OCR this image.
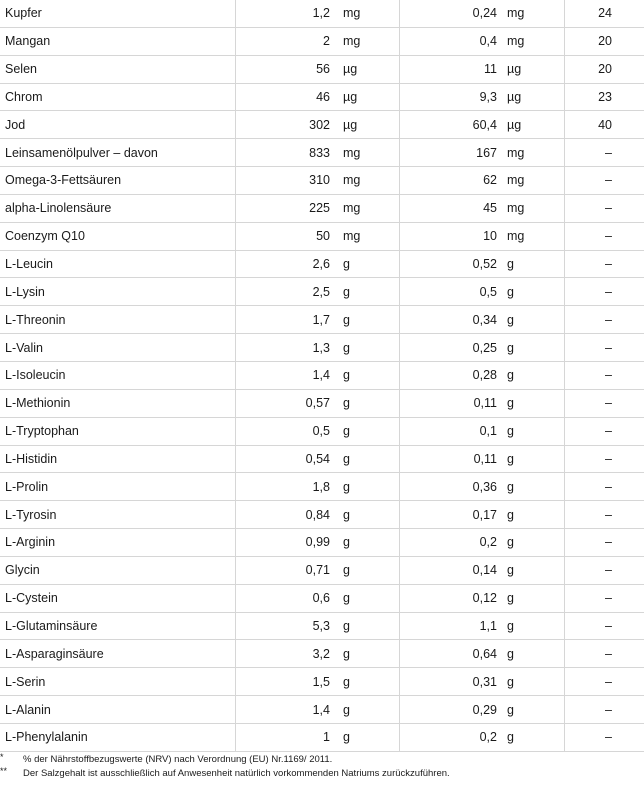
Kupfer	1,2 mg	0,24 mg	24
Mangan	2 mg	0,4 mg	20
Selen	56 µg	11 µg	20
Chrom	46 µg	9,3 µg	23
Jod	302 µg	60,4 µg	40
Leinsamenölpulver – davon	833 mg	167 mg	–
Omega-3-Fettsäuren	310 mg	62 mg	–
alpha-Linolensäure	225 mg	45 mg	–
Coenzym Q10	50 mg	10 mg	–
L-Leucin	2,6 g	0,52 g	–
L-Lysin	2,5 g	0,5 g	–
L-Threonin	1,7 g	0,34 g	–
L-Valin	1,3 g	0,25 g	–
L-Isoleucin	1,4 g	0,28 g	–
L-Methionin	0,57 g	0,11 g	–
L-Tryptophan	0,5 g	0,1 g	–
L-Histidin	0,54 g	0,11 g	–
L-Prolin	1,8 g	0,36 g	–
L-Tyrosin	0,84 g	0,17 g	–
L-Arginin	0,99 g	0,2 g	–
Glycin	0,71 g	0,14 g	–
L-Cystein	0,6 g	0,12 g	–
L-Glutaminsäure	5,3 g	1,1 g	–
L-Asparaginsäure	3,2 g	0,64 g	–
L-Serin	1,5 g	0,31 g	–
L-Alanin	1,4 g	0,29 g	–
L-Phenylalanin	1 g	0,2 g	–
* % der Nährstoffbezugswerte (NRV) nach Verordnung (EU) Nr.1169/ 2011.
** Der Salzgehalt ist ausschließlich auf Anwesenheit natürlich vorkommenden Natriums zurückzuführen.
